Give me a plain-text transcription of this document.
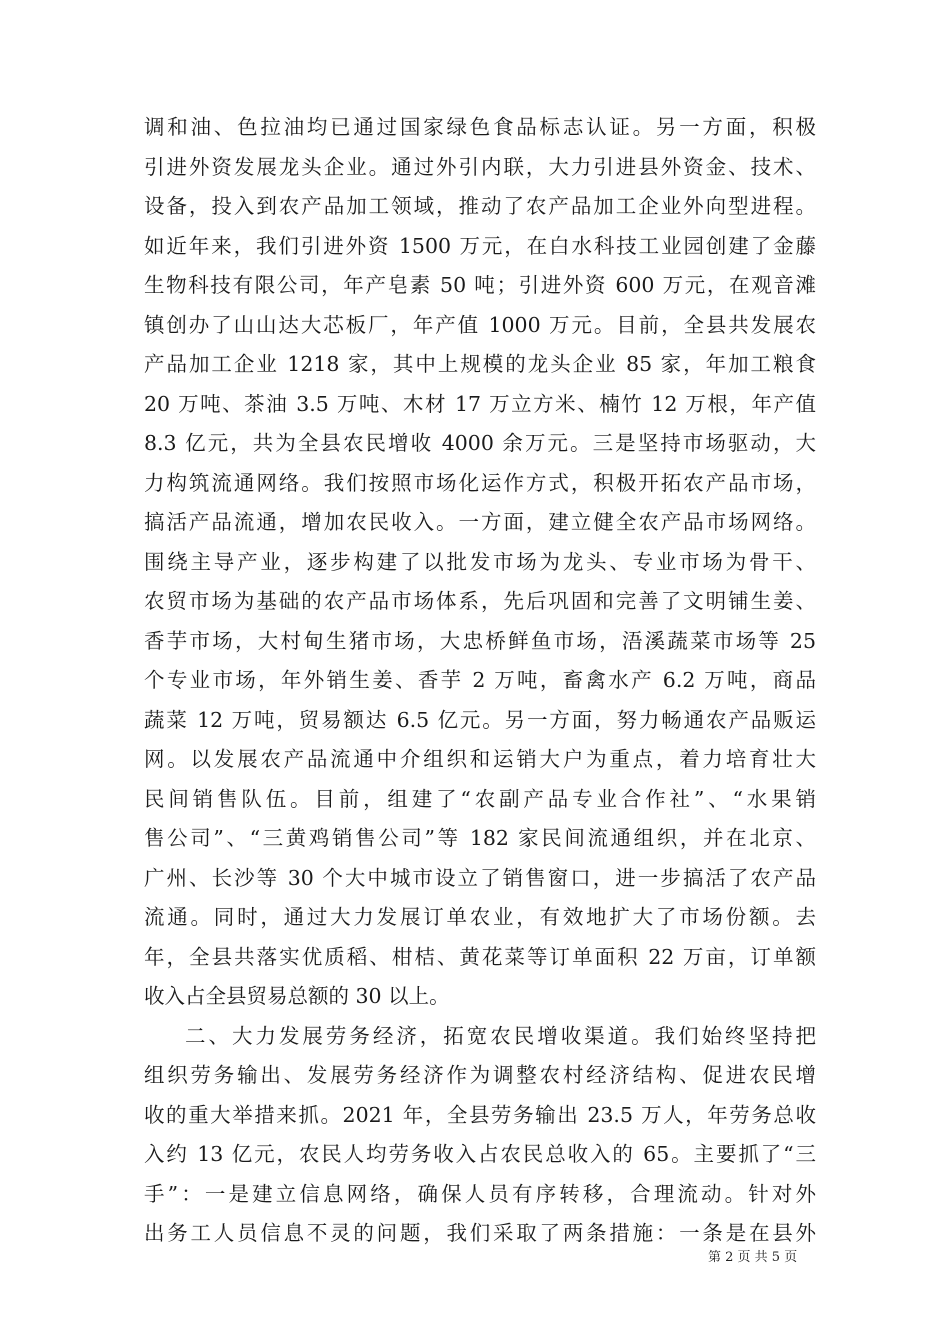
调和油、色拉油均已通过国家绿色食品标志认证。另一方面，积极
引进外资发展龙头企业。通过外引内联，大力引进县外资金、技术、
设备，投入到农产品加工领域，推动了农产品加工企业外向型进程。
如近年来，我们引进外资 1500 万元，在白水科技工业园创建了金藤
生物科技有限公司，年产皂素 50 吨；引进外资 600 万元，在观音滩
镇创办了山山达大芯板厂，年产值 1000 万元。目前，全县共发展农
产品加工企业 1218 家，其中上规模的龙头企业 85 家，年加工粮食
20 万吨、茶油 3.5 万吨、木材 17 万立方米、楠竹 12 万根，年产值
8.3 亿元，共为全县农民增收 4000 余万元。三是坚持市场驱动，大
力构筑流通网络。我们按照市场化运作方式，积极开拓农产品市场，
搞活产品流通，增加农民收入。一方面，建立健全农产品市场网络。
围绕主导产业，逐步构建了以批发市场为龙头、专业市场为骨干、
农贸市场为基础的农产品市场体系，先后巩固和完善了文明铺生姜、
香芋市场，大村甸生猪市场，大忠桥鲜鱼市场，浯溪蔬菜市场等 25
个专业市场，年外销生姜、香芋 2 万吨，畜禽水产 6.2 万吨，商品
蔬菜 12 万吨，贸易额达 6.5 亿元。另一方面，努力畅通农产品贩运
网。以发展农产品流通中介组织和运销大户为重点，着力培育壮大
民间销售队伍。目前，组建了“农副产品专业合作社”、“水果销
售公司”、“三黄鸡销售公司”等 182 家民间流通组织，并在北京、
广州、长沙等 30 个大中城市设立了销售窗口，进一步搞活了农产品
流通。同时，通过大力发展订单农业，有效地扩大了市场份额。去
年，全县共落实优质稻、柑桔、黄花菜等订单面积 22 万亩，订单额
收入占全县贸易总额的 30 以上。
二、大力发展劳务经济，拓宽农民增收渠道。我们始终坚持把
组织劳务输出、发展劳务经济作为调整农村经济结构、促进农民增
收的重大举措来抓。2021 年，全县劳务输出 23.5 万人，年劳务总收
入约 13 亿元，农民人均劳务收入占农民总收入的 65。主要抓了“三
手”：一是建立信息网络，确保人员有序转移，合理流动。针对外
出务工人员信息不灵的问题，我们采取了两条措施：一条是在县外
第 2 页 共 5 页
